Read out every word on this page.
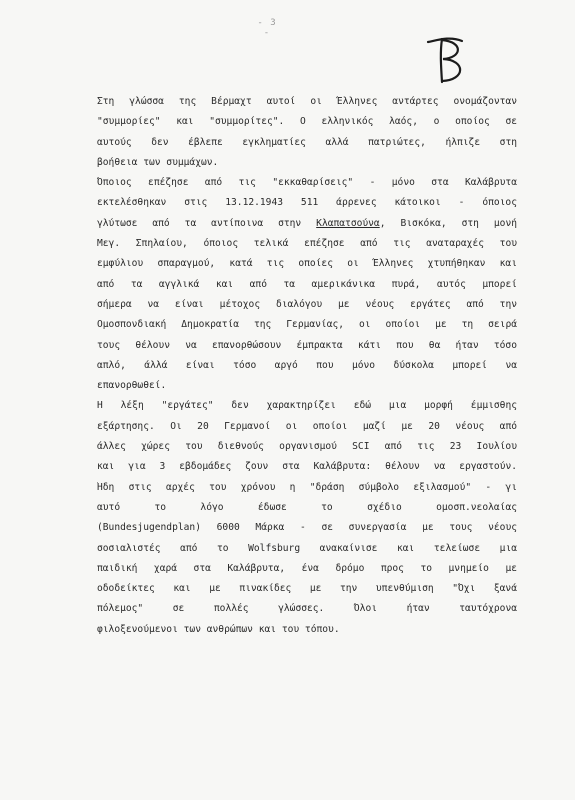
- 3 -
Στη γλώσσα της Βέρμαχτ αυτοί οι Έλληνες αντάρτες ονομάζονταν
"συμμορίες" και "συμμορίτες". Ο ελληνικός λαός, ο οποίος σε
αυτούς δεν έβλεπε εγκληματίες αλλά πατριώτες, ήλπιζε στη
βοήθεια των συμμάχων.
Όποιος επέζησε από τις "εκκαθαρίσεις" - μόνο στα Καλάβρυτα
εκτελέσθηκαν στις 13.12.1943 511 άρρενες κάτοικοι - όποιος
γλύτωσε από τα αντίποινα στην Κλαπατσούνα, Βισκόκα, στη μονή
Μεγ. Σπηλαίου, όποιος τελικά επέζησε από τις αναταραχές του
εμφύλιου σπαραγμού, κατά τις οποίες οι Έλληνες χτυπήθηκαν και
από τα αγγλικά και από τα αμερικάνικα πυρά, αυτός μπορεί
σήμερα να είναι μέτοχος διαλόγου με νέους εργάτες από την
Ομοσπονδιακή Δημοκρατία της Γερμανίας, οι οποίοι με τη σειρά
τους θέλουν να επανορθώσουν έμπρακτα κάτι που θα ήταν τόσο
απλό, άλλά είναι τόσο αργό που μόνο δύσκολα μπορεί να
επανορθωθεί.
Η λέξη "εργάτες" δεν χαρακτηρίζει εδώ μια μορφή έμμισθης
εξάρτησης. Οι 20 Γερμανοί οι οποίοι μαζί με 20 νέους από
άλλες χώρες του διεθνούς οργανισμού SCI από τις 23 Ιουλίου
και για 3 εβδομάδες ζουν στα Καλάβρυτα: θέλουν να εργαστούν.
Ήδη στις αρχές του χρόνου η "δράση σύμβολο εξιλασμού" - γι
αυτό το λόγο έδωσε το σχέδιο ομοσπ.νεολαίας
(Bundesjugendplan) 6000 Μάρκα - σε συνεργασία με τους νέους
σοσιαλιστές από το Wolfsburg ανακαίνισε και τελείωσε μια
παιδική χαρά στα Καλάβρυτα, ένα δρόμο προς το μνημείο με
οδοδείκτες και με πινακίδες με την υπενθύμιση "Όχι ξανά
πόλεμος" σε πολλές γλώσσες. Όλοι ήταν ταυτόχρονα
φιλοξενούμενοι των ανθρώπων και του τόπου.
